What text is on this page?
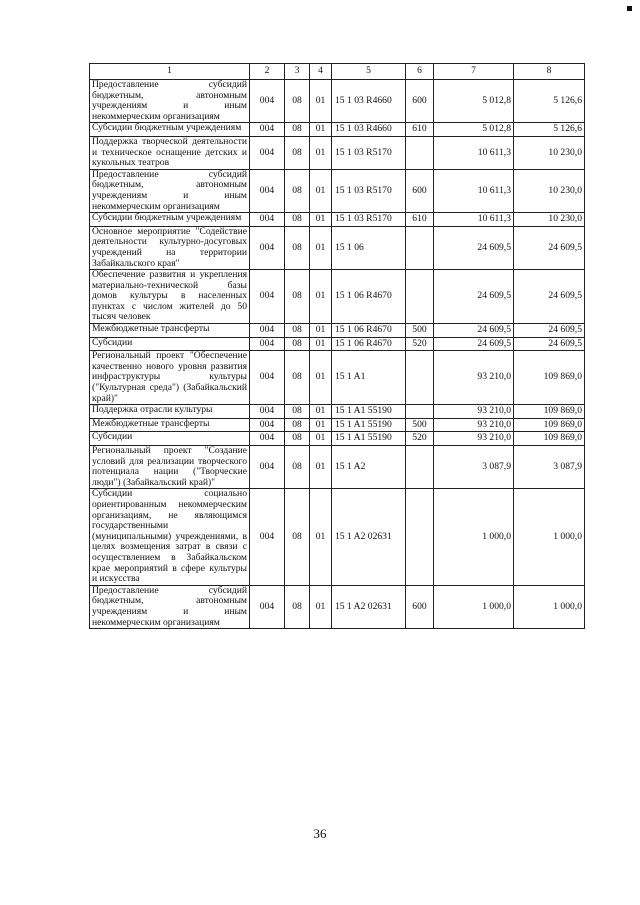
1	2	3	4	5	6	7	8
Предоставление субсидий бюджетным, автономным учреждениям и иным некоммерческим организациям	004	08	01	15 1 03 R4660	600	5 012,8	5 126,6
Субсидии бюджетным учреждениям	004	08	01	15 1 03 R4660	610	5 012,8	5 126,6
Поддержка творческой деятельности и техническое оснащение детских и кукольных театров	004	08	01	15 1 03 R5170		10 611,3	10 230,0
Предоставление субсидий бюджетным, автономным учреждениям и иным некоммерческим организациям	004	08	01	15 1 03 R5170	600	10 611,3	10 230,0
Субсидии бюджетным учреждениям	004	08	01	15 1 03 R5170	610	10 611,3	10 230,0
Основное мероприятие "Содействие деятельности культурно-досуговых учреждений на территории Забайкальского края"	004	08	01	15 1 06		24 609,5	24 609,5
Обеспечение развития и укрепления материально-технической базы домов культуры в населенных пунктах с числом жителей до 50 тысяч человек	004	08	01	15 1 06 R4670		24 609,5	24 609,5
Межбюджетные трансферты	004	08	01	15 1 06 R4670	500	24 609,5	24 609,5
Субсидии	004	08	01	15 1 06 R4670	520	24 609,5	24 609,5
Региональный проект "Обеспечение качественно нового уровня развития инфраструктуры культуры ("Культурная среда") (Забайкальский край)"	004	08	01	15 1 A1		93 210,0	109 869,0
Поддержка отрасли культуры	004	08	01	15 1 A1 55190		93 210,0	109 869,0
Межбюджетные трансферты	004	08	01	15 1 A1 55190	500	93 210,0	109 869,0
Субсидии	004	08	01	15 1 A1 55190	520	93 210,0	109 869,0
Региональный проект "Создание условий для реализации творческого потенциала нации ("Творческие люди") (Забайкальский край)"	004	08	01	15 1 A2		3 087,9	3 087,9
Субсидии социально ориентированным некоммерческим организациям, не являющимся государственными (муниципальными) учреждениями, в целях возмещения затрат в связи с осуществлением в Забайкальском крае мероприятий в сфере культуры и искусства	004	08	01	15 1 A2 02631		1 000,0	1 000,0
Предоставление субсидий бюджетным, автономным учреждениям и иным некоммерческим организациям	004	08	01	15 1 A2 02631	600	1 000,0	1 000,0
36
